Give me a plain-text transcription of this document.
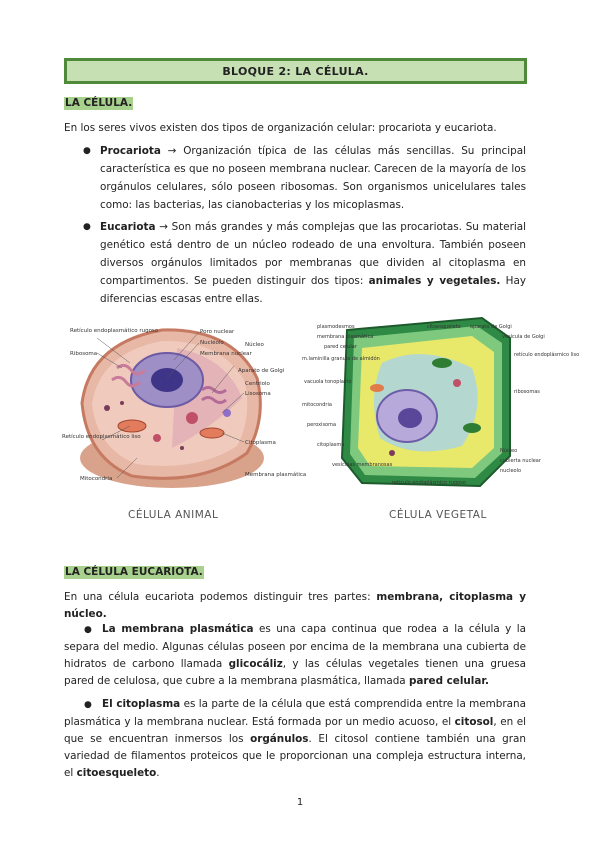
BLOQUE 2: LA CÉLULA.
LA CÉLULA.

En los seres vivos existen dos tipos de organización celular: procariota y eucariota.

● Procariota → Organización típica de las células más sencillas. Su principal característica es que no poseen membrana nuclear. Carecen de la mayoría de los orgánulos celulares, sólo poseen ribosomas. Son organismos unicelulares tales como: las bacterias, las cianobacterias y los micoplasmas.

● Eucariota → Son más grandes y más complejas que las procariotas. Su material genético está dentro de un núcleo rodeado de una envoltura. También poseen diversos orgánulos limitados por membranas que dividen al citoplasma en compartimentos. Se pueden distinguir dos tipos: animales y vegetales. Hay diferencias escasas entre ellas.

Retículo endoplasmático rugoso
Ribosoma
Poro nuclear
Nucléolo
Membrana nuclear
Núcleo
Aparato de Golgi
Centriolo
Lisosoma
Retículo endoplasmático liso
Citoplasma
Mitocondria
Membrana plasmática
plasmodesmos
membrana plasmática
pared celular
m.laminilla granula de almidón
vacuola tonoplasto
mitocondria
peroxisoma
citoplasma
vesículas membranosas
retículo endoplásmico rugoso
citoesqueleto aparato de Golgi
vesícula de Golgi
retículo endoplásmico liso
ribosomas
Núcleo
cubierta nuclear
nucleolo
CÉLULA ANIMAL	CÉLULA VEGETAL
LA CÉLULA EUCARIOTA.

En una célula eucariota podemos distinguir tres partes: membrana, citoplasma y núcleo.

● La membrana plasmática es una capa continua que rodea a la célula y la separa del medio. Algunas células poseen por encima de la membrana una cubierta de hidratos de carbono llamada glicocáliz, y las células vegetales tienen una gruesa pared de celulosa, que cubre a la membrana plasmática, llamada pared celular.

● El citoplasma es la parte de la célula que está comprendida entre la membrana plasmática y la membrana nuclear. Está formada por un medio acuoso, el citosol, en el que se encuentran inmersos los orgánulos. El citosol contiene también una gran variedad de filamentos proteicos que le proporcionan una compleja estructura interna, el citoesqueleto.

1
